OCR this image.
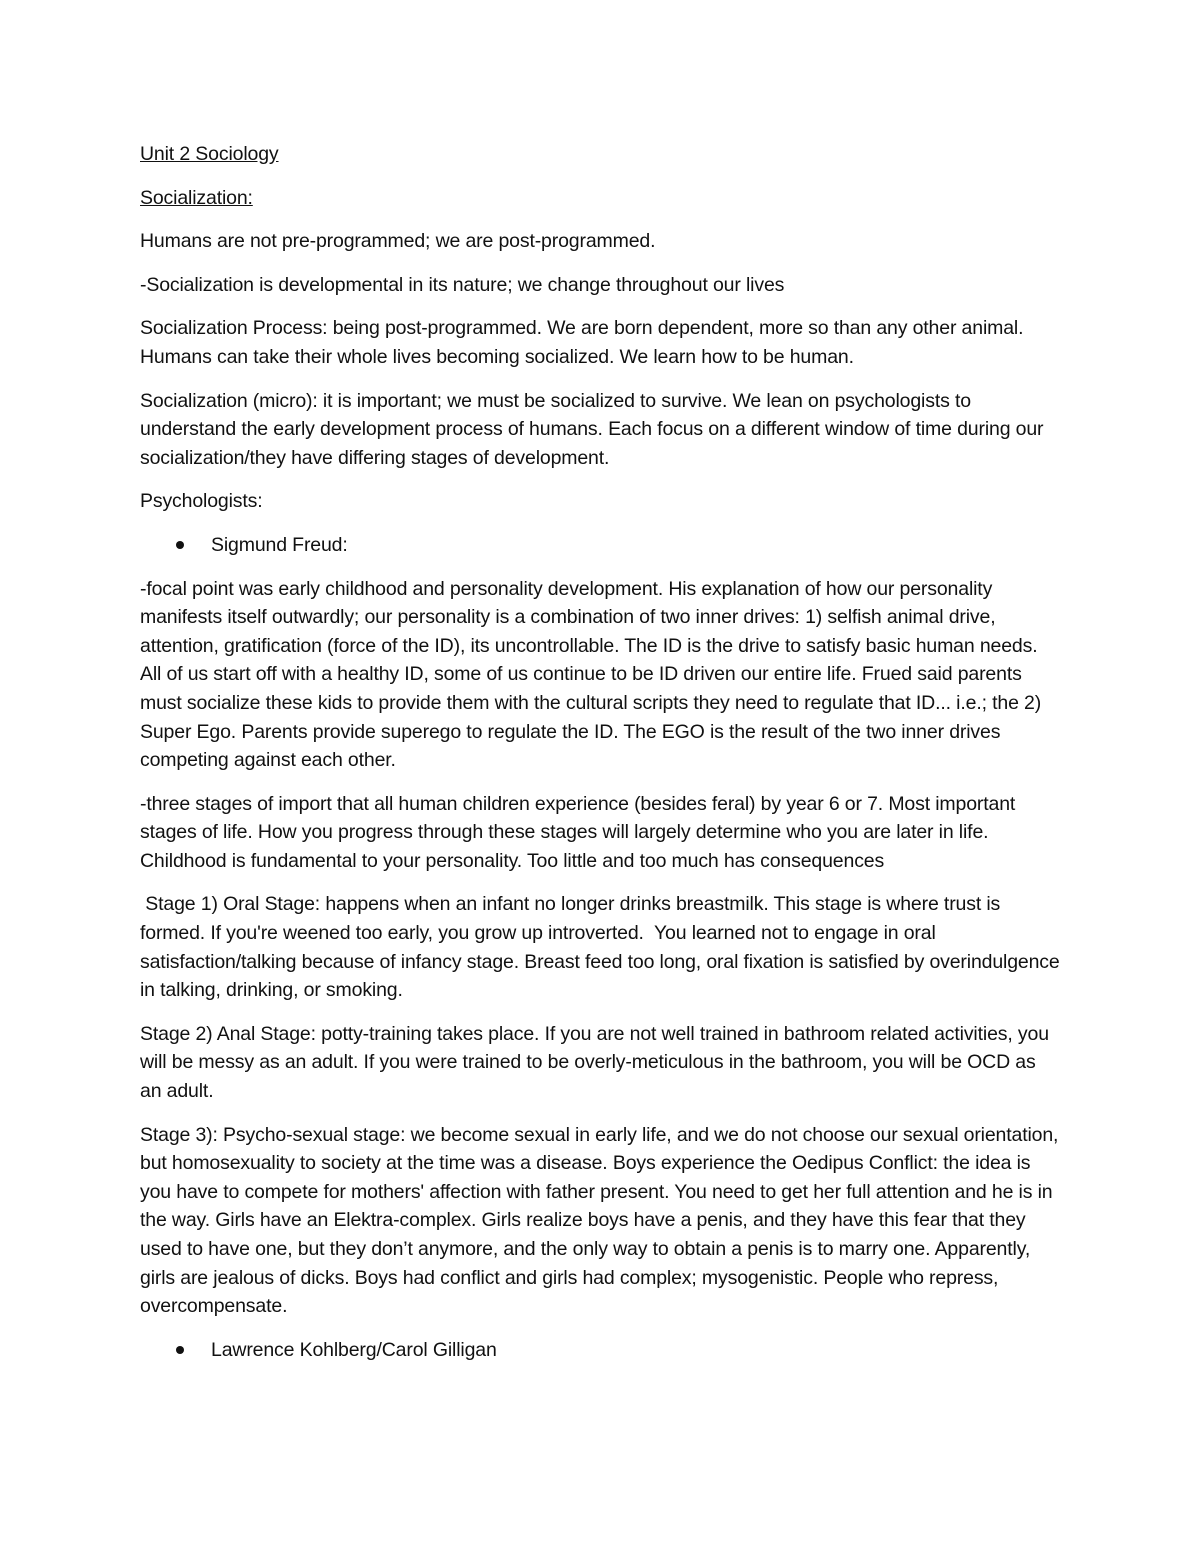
Unit 2 Sociology

Socialization:

Humans are not pre-programmed; we are post-programmed.

-Socialization is developmental in its nature; we change throughout our lives

Socialization Process: being post-programmed. We are born dependent, more so than any other animal. Humans can take their whole lives becoming socialized. We learn how to be human.

Socialization (micro): it is important; we must be socialized to survive. We lean on psychologists to understand the early development process of humans. Each focus on a different window of time during our socialization/they have differing stages of development.

Psychologists:

Sigmund Freud:

-focal point was early childhood and personality development. His explanation of how our personality manifests itself outwardly; our personality is a combination of two inner drives: 1) selfish animal drive, attention, gratification (force of the ID), its uncontrollable. The ID is the drive to satisfy basic human needs. All of us start off with a healthy ID, some of us continue to be ID driven our entire life. Frued said parents must socialize these kids to provide them with the cultural scripts they need to regulate that ID... i.e.; the 2) Super Ego. Parents provide superego to regulate the ID. The EGO is the result of the two inner drives competing against each other.

-three stages of import that all human children experience (besides feral) by year 6 or 7. Most important stages of life. How you progress through these stages will largely determine who you are later in life. Childhood is fundamental to your personality. Too little and too much has consequences

Stage 1) Oral Stage: happens when an infant no longer drinks breastmilk. This stage is where trust is formed. If you're weened too early, you grow up introverted.  You learned not to engage in oral satisfaction/talking because of infancy stage. Breast feed too long, oral fixation is satisfied by overindulgence in talking, drinking, or smoking.

Stage 2) Anal Stage: potty-training takes place. If you are not well trained in bathroom related activities, you will be messy as an adult. If you were trained to be overly-meticulous in the bathroom, you will be OCD as an adult.

Stage 3): Psycho-sexual stage: we become sexual in early life, and we do not choose our sexual orientation, but homosexuality to society at the time was a disease. Boys experience the Oedipus Conflict: the idea is you have to compete for mothers' affection with father present. You need to get her full attention and he is in the way. Girls have an Elektra-complex. Girls realize boys have a penis, and they have this fear that they used to have one, but they don’t anymore, and the only way to obtain a penis is to marry one. Apparently, girls are jealous of dicks. Boys had conflict and girls had complex; mysogenistic. People who repress, overcompensate.

Lawrence Kohlberg/Carol Gilligan
